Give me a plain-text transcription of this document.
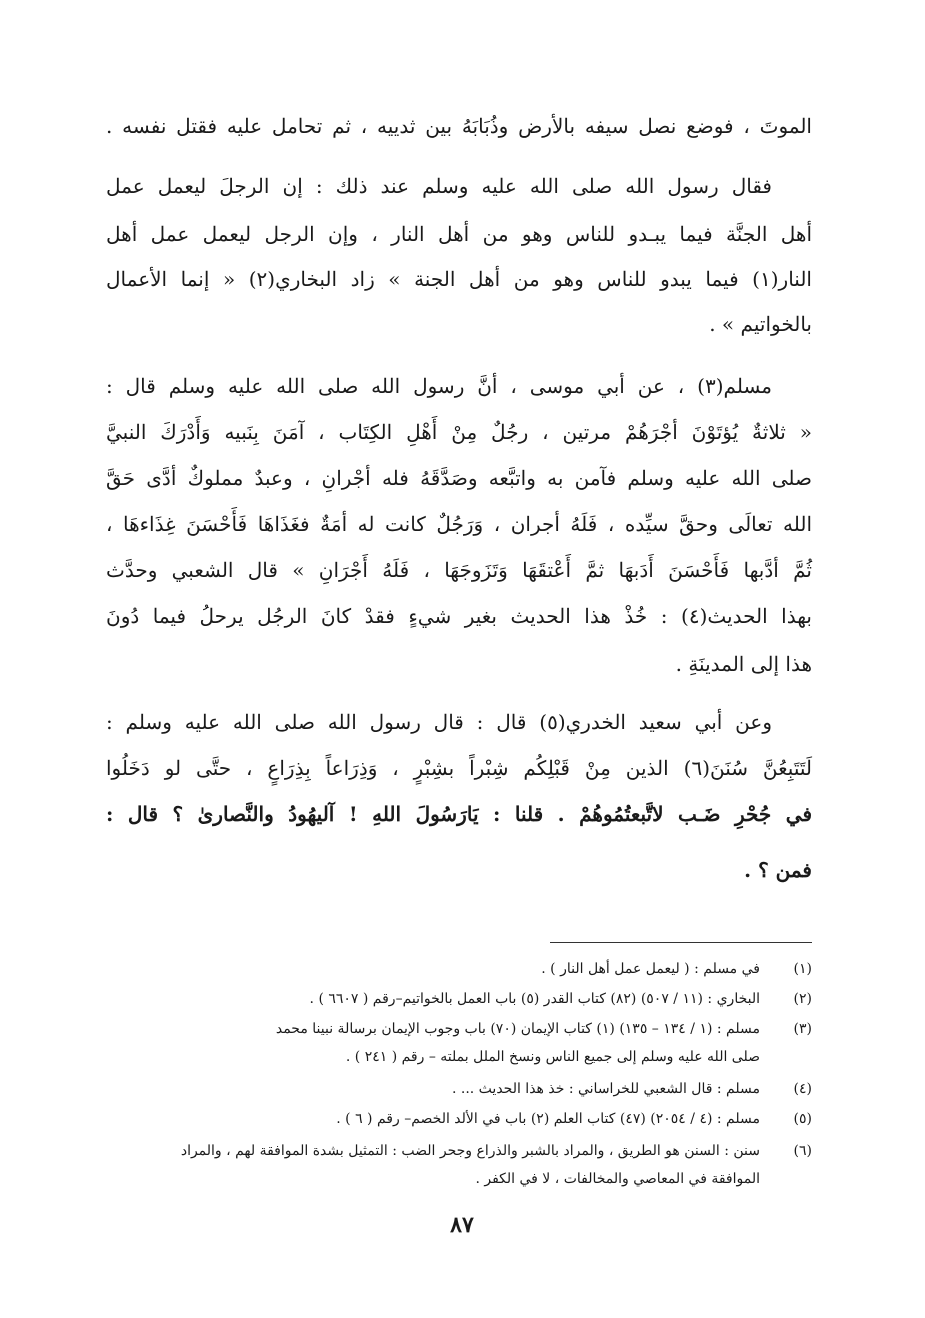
الموتَ ، فوضع نصل سيفه بالأرض وذُبَابَهُ بين ثدييه ، ثم تحامل عليه فقتل نفسه .
فقال رسول الله صلى الله عليه وسلم عند ذلك : إن الرجلَ ليعمل عمل
أهل الجنَّة فيما يبـدو للناس وهو من أهل النار ، وإن الرجل ليعمل عمل أهل
النار(١) فيما يبدو للناس وهو من أهل الجنة » زاد البخاري(٢) « إنما الأعمال
بالخواتيم » .
مسلم(٣) ، عن أبي موسى ، أنَّ رسول الله صلى الله عليه وسلم قال :
« ثلاثةٌ يُؤتَوْنَ أجْرَهُمْ مرتين ، رجُلٌ مِنْ أَهْلِ الكِتَاب ، آمَنَ بِنَبيه وَأَدْرَكَ النبيَّ
صلى الله عليه وسلم فآمن به واتبَّعه وصَدَّقَهُ فله أجْرانِ ، وعبدٌ مملوكٌ أدَّى حَقَّ
الله تعالَى وحقَّ سيِّده ، فَلَهُ أجران ، وَرَجُلٌ كانت له أمَةٌ فغَذَاهَا فَأَحْسَنَ غِذَاءهَا ،
ثُمَّ أدَّبها فَأَحْسَنَ أَدَبهَا ثمَّ أَعْتقَهَا وَتَزَوجَهَا ، فَلَهُ أَجْرَانِ » قال الشعبي وحدَّث
بهذا الحديث(٤) : خُذْ هذا الحديث بغير شيءٍ فقدْ كانَ الرجُل يرحلُ فيما دُونَ
هذا إلى المدينَةِ .
وعن أبي سعيد الخدري(٥) قال : قال رسول الله صلى الله عليه وسلم :
لَتَتَبِعُنَّ سُنَنَ(٦) الذين مِنْ قَبْلِكُم شِبْراً بشِبْرٍ ، وَذِرَاعاً بِذِرَاعٍ ، حتَّى لو دَخَلُوا
في جُحْرِ ضَـب لاتَّبعتُمُوهُمْ . قلنا : يَارَسُولَ اللهِ ! آليهُودُ والنَّصارىٰ ؟ قال :
فمن ؟ .
(١)
في مسلم : ( ليعمل عمل أهل النار ) .
(٢)
البخاري : (١١ / ٥٠٧) (٨٢) كتاب القدر (٥) باب العمل بالخواتيم–رقم ( ٦٦٠٧ ) .
(٣)
مسلم : (١ / ١٣٤ – ١٣٥) (١) كتاب الإيمان (٧٠) باب وجوب الإيمان برسالة نبينا محمد
صلى الله عليه وسلم إلى جميع الناس ونسخ الملل بملته – رقم ( ٢٤١ ) .
(٤)
مسلم : قال الشعبي للخراساني : خذ هذا الحديث ... .
(٥)
مسلم : (٤ / ٢٠٥٤) (٤٧) كتاب العلم (٢) باب في الألد الخصم– رقم ( ٦ ) .
(٦)
سنن : السنن هو الطريق ، والمراد بالشبر والذراع وجحر الضب : التمثيل بشدة الموافقة لهم ، والمراد
الموافقة في المعاصي والمخالفات ، لا في الكفر .
٨٧
